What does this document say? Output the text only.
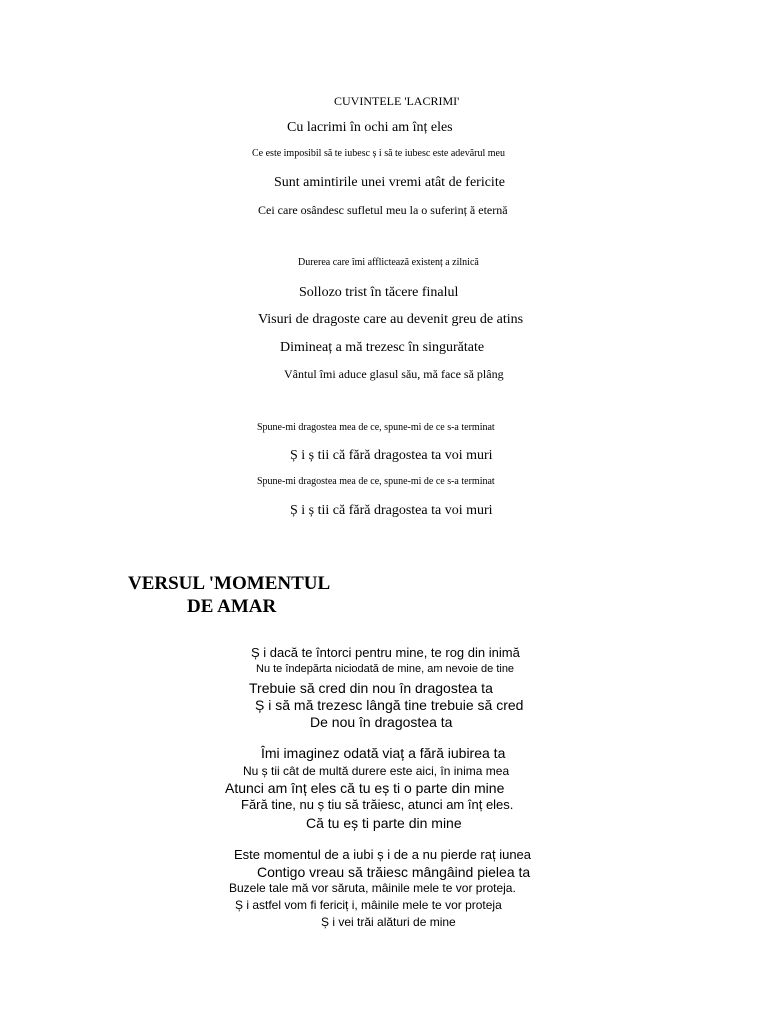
CUVINTELE 'LACRIMI'
Cu lacrimi în ochi am înț eles
Ce este imposibil să te iubesc ș i să te iubesc este adevărul meu
Sunt amintirile unei vremi atât de fericite
Cei care osândesc sufletul meu la o suferinț ă eternă
Durerea care îmi afflictează existenț a zilnică
Sollozo trist în tăcere finalul
Visuri de dragoste care au devenit greu de atins
Dimineaț a mă trezesc în singurătate
Vântul îmi aduce glasul său, mă face să plâng
Spune-mi dragostea mea de ce, spune-mi de ce s-a terminat
Ș i ș tii că fără dragostea ta voi muri
Spune-mi dragostea mea de ce, spune-mi de ce s-a terminat
Ș i ș tii că fără dragostea ta voi muri
VERSUL 'MOMENTUL
DE AMAR
Ș i dacă te întorci pentru mine, te rog din inimă
Nu te îndepărta niciodată de mine, am nevoie de tine
Trebuie să cred din nou în dragostea ta
Ș i să mă trezesc lângă tine trebuie să cred
De nou în dragostea ta
Îmi imaginez odată viaț a fără iubirea ta
Nu ș tii cât de multă durere este aici, în inima mea
Atunci am înț eles că tu eș ti o parte din mine
Fără tine, nu ș tiu să trăiesc, atunci am înț eles.
Că tu eș ti parte din mine
Este momentul de a iubi ș i de a nu pierde raț iunea
Contigo vreau să trăiesc mângâind pielea ta
Buzele tale mă vor săruta, mâinile mele te vor proteja.
Ș i astfel vom fi fericiț i, mâinile mele te vor proteja
Ș i vei trăi alături de mine
